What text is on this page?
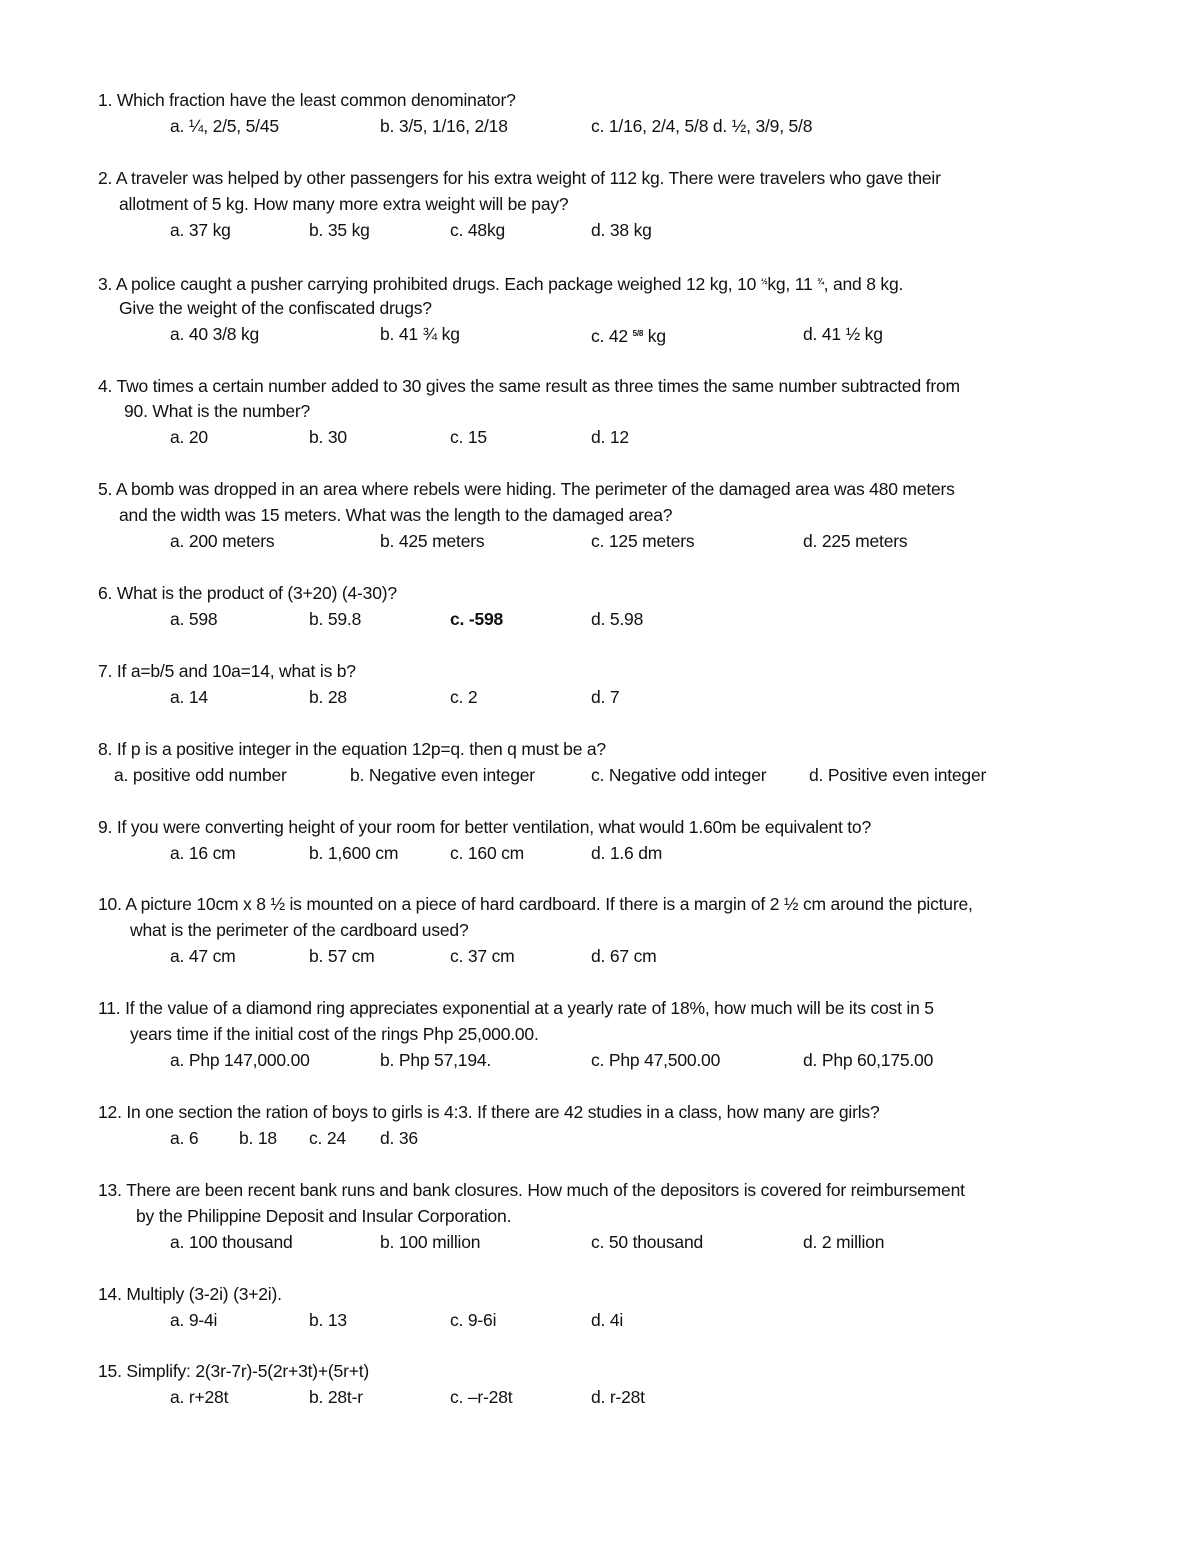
1. Which fraction have the least common denominator?
a. ¼, 2/5, 5/45	b. 3/5, 1/16, 2/18	c. 1/16, 2/4, 5/8 d. ½, 3/9, 5/8
2. A traveler was helped by other passengers for his extra weight of 112 kg. There were travelers who gave their
allotment of 5 kg. How many more extra weight will be pay?
a. 37 kg	b. 35 kg	c. 48kg	d. 38 kg
3. A police caught a pusher carrying prohibited drugs. Each package weighed 12 kg, 10 $^{\frac{1}{2}}$kg, 11 $^{\frac{3}{4}}$, and 8 kg.
Give the weight of the confiscated drugs?
a. 40 3/8 kg	b. 41 ¾ kg	c. 42 $^{5/8}$ kg	d. 41 ½ kg
4. Two times a certain number added to 30 gives the same result as three times the same number subtracted from
90. What is the number?
a. 20	b. 30	c. 15	d. 12
5. A bomb was dropped in an area where rebels were hiding. The perimeter of the damaged area was 480 meters
and the width was 15 meters. What was the length to the damaged area?
a. 200 meters	b. 425 meters	c. 125 meters	d. 225 meters
6. What is the product of (3+20) (4-30)?
a. 598	b. 59.8	c. -598	d. 5.98
7. If a=b/5 and 10a=14, what is b?
a. 14	b. 28	c. 2	d. 7
8. If p is a positive integer in the equation 12p=q. then q must be a?
a. positive odd number	b. Negative even integer	c. Negative odd integer d. Positive even integer
9. If you were converting height of your room for better ventilation, what would 1.60m be equivalent to?
a. 16 cm	b. 1,600 cm	c. 160 cm	d. 1.6 dm
10. A picture 10cm x 8 ½ is mounted on a piece of hard cardboard. If there is a margin of 2 ½ cm around the picture,
what is the perimeter of the cardboard used?
a. 47 cm	b. 57 cm	c. 37 cm	d. 67 cm
11. If the value of a diamond ring appreciates exponential at a yearly rate of 18%, how much will be its cost in 5
years time if the initial cost of the rings Php 25,000.00.
a. Php 147,000.00	b. Php 57,194.	c. Php 47,500.00	d. Php 60,175.00
12. In one section the ration of boys to girls is 4:3. If there are 42 studies in a class, how many are girls?
a. 6 b. 18 c. 24 d. 36
13. There are been recent bank runs and bank closures. How much of the depositors is covered for reimbursement
by the Philippine Deposit and Insular Corporation.
a. 100 thousand	b. 100 million	c. 50 thousand	d. 2 million
14. Multiply (3-2i) (3+2i).
a. 9-4i	b. 13	c. 9-6i	d. 4i
15. Simplify: 2(3r-7r)-5(2r+3t)+(5r+t)
a. r+28t	b. 28t-r	c. –r-28t	d. r-28t
